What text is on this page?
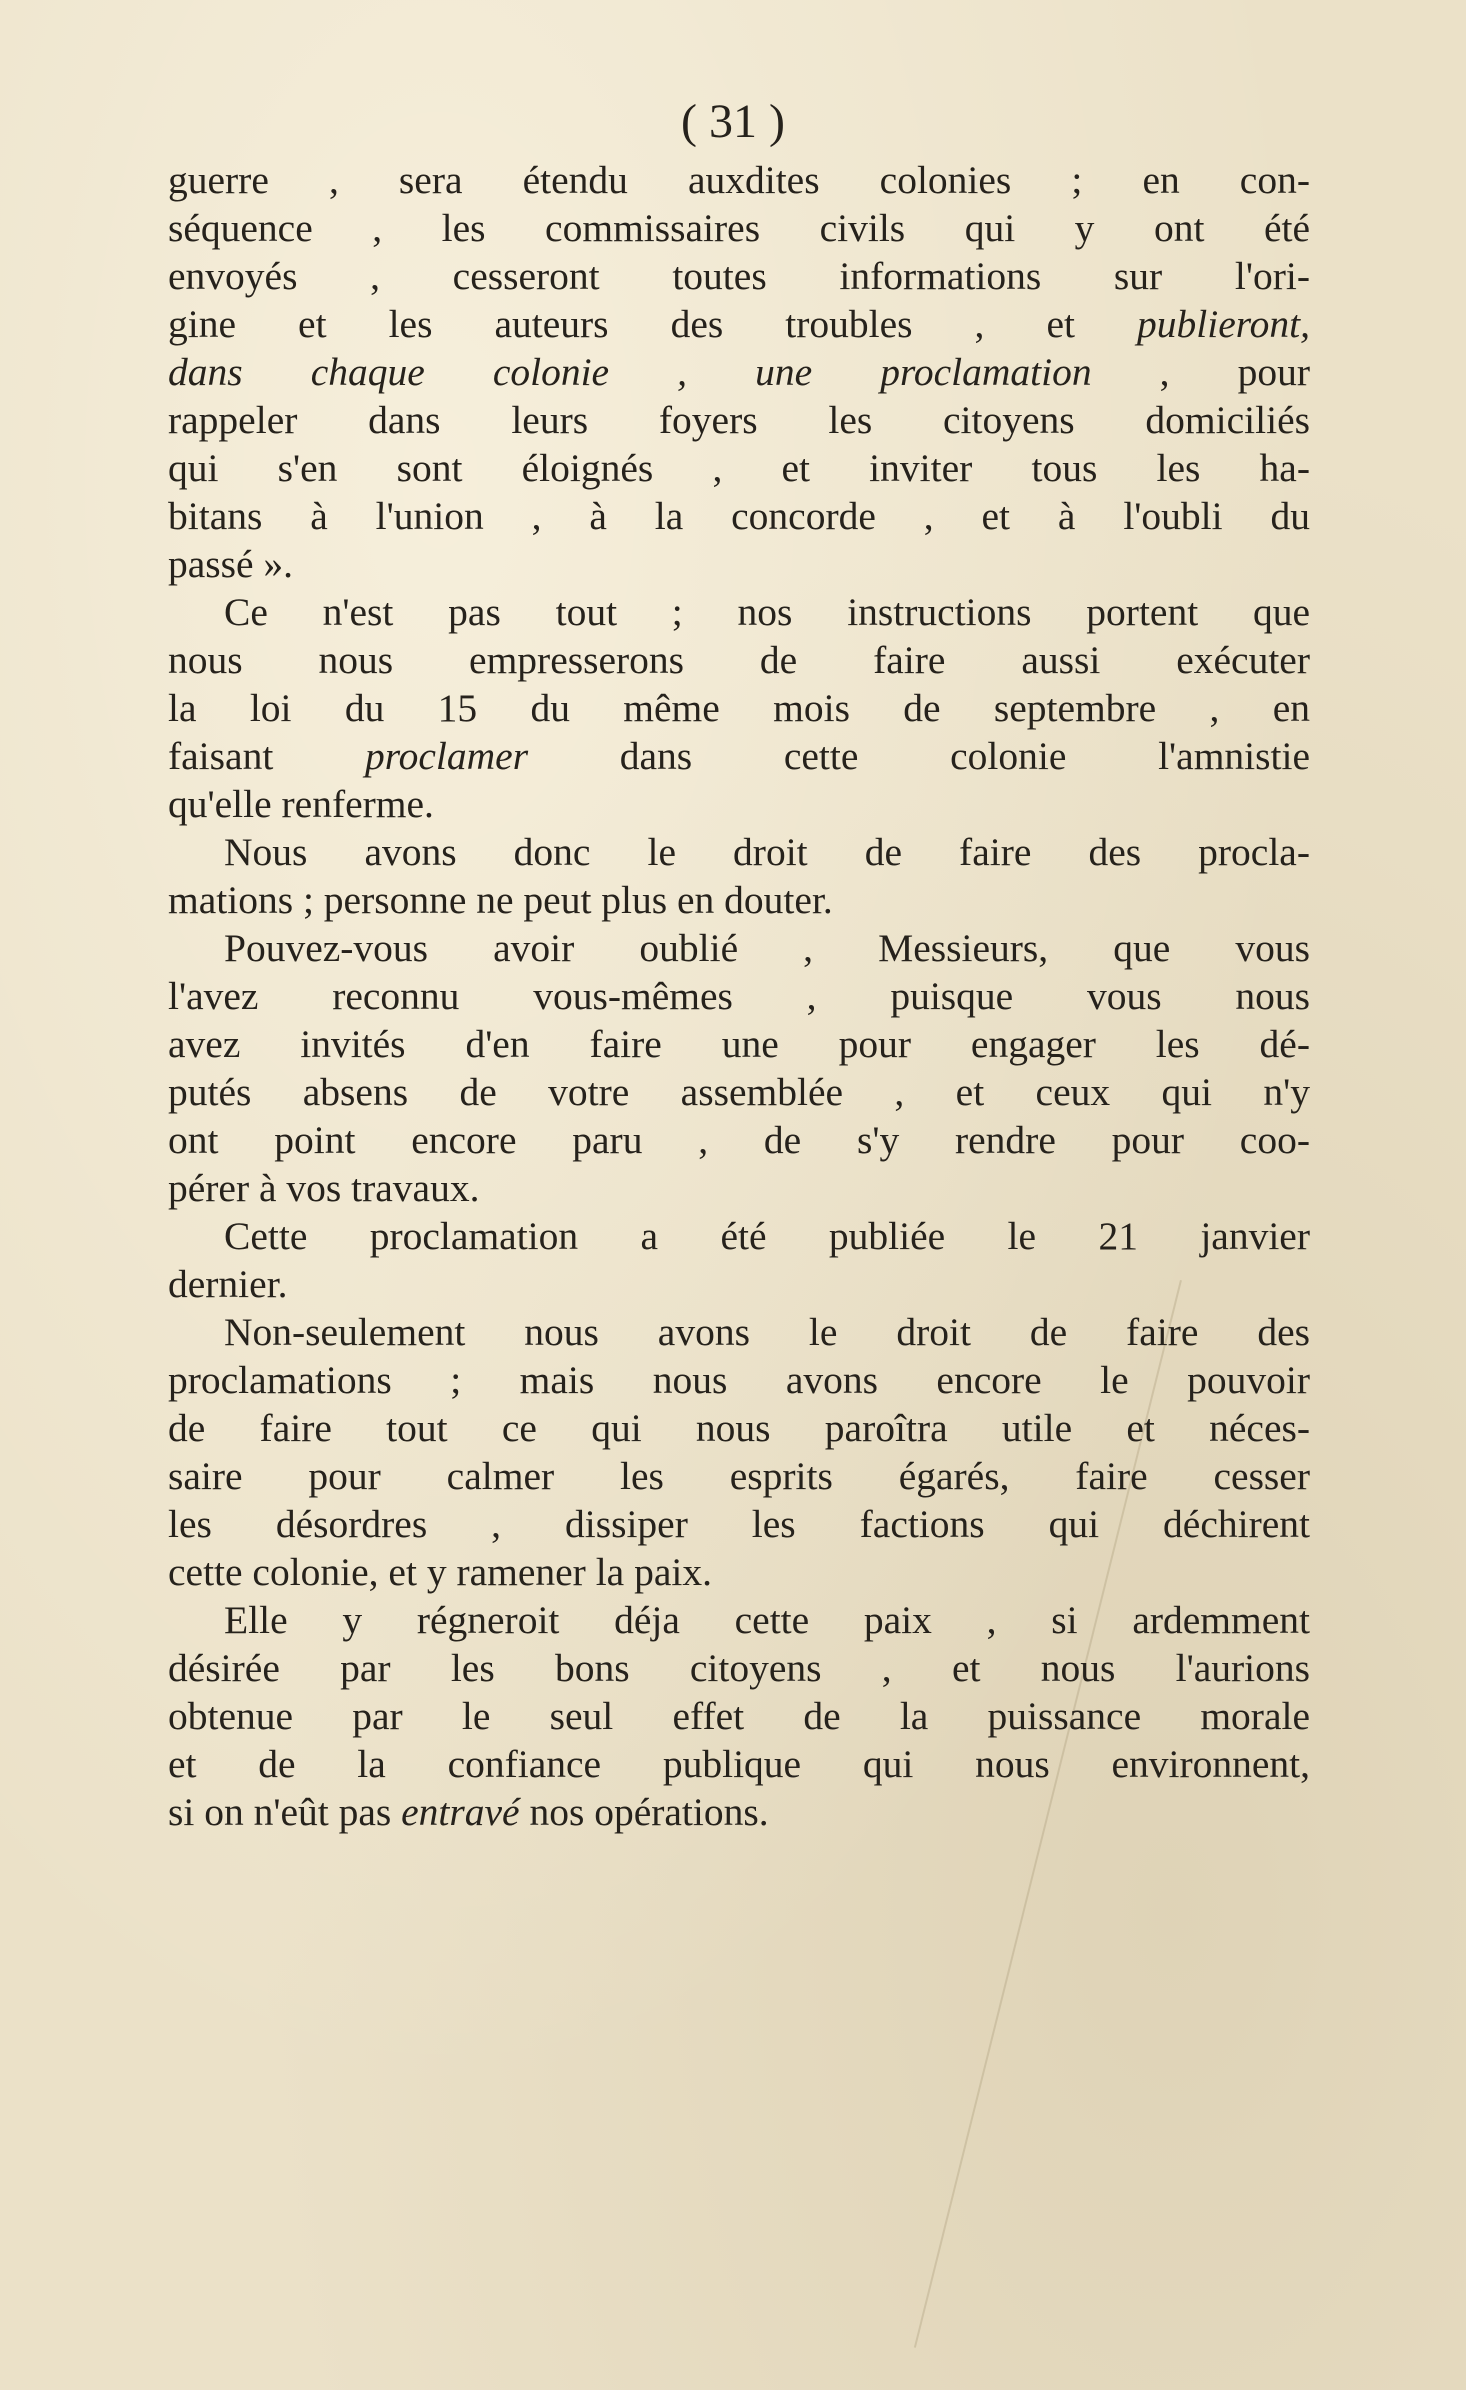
( 31 )
guerre , sera étendu auxdites colonies ; en con-
séquence , les commissaires civils qui y ont été
envoyés , cesseront toutes informations sur l'ori-
gine et les auteurs des troubles , et publieront,
dans chaque colonie , une proclamation , pour
rappeler dans leurs foyers les citoyens domiciliés
qui s'en sont éloignés , et inviter tous les ha-
bitans à l'union , à la concorde , et à l'oubli du
passé ».
Ce n'est pas tout ; nos instructions portent que
nous nous empresserons de faire aussi exécuter
la loi du 15 du même mois de septembre , en
faisant proclamer dans cette colonie l'amnistie
qu'elle renferme.
Nous avons donc le droit de faire des procla-
mations ; personne ne peut plus en douter.
Pouvez-vous avoir oublié , Messieurs, que vous
l'avez reconnu vous-mêmes , puisque vous nous
avez invités d'en faire une pour engager les dé-
putés absens de votre assemblée , et ceux qui n'y
ont point encore paru , de s'y rendre pour coo-
pérer à vos travaux.
Cette proclamation a été publiée le 21 janvier
dernier.
Non-seulement nous avons le droit de faire des
proclamations ; mais nous avons encore le pouvoir
de faire tout ce qui nous paroîtra utile et néces-
saire pour calmer les esprits égarés, faire cesser
les désordres , dissiper les factions qui déchirent
cette colonie, et y ramener la paix.
Elle y régneroit déja cette paix , si ardemment
désirée par les bons citoyens , et nous l'aurions
obtenue par le seul effet de la puissance morale
et de la confiance publique qui nous environnent,
si on n'eût pas entravé nos opérations.
